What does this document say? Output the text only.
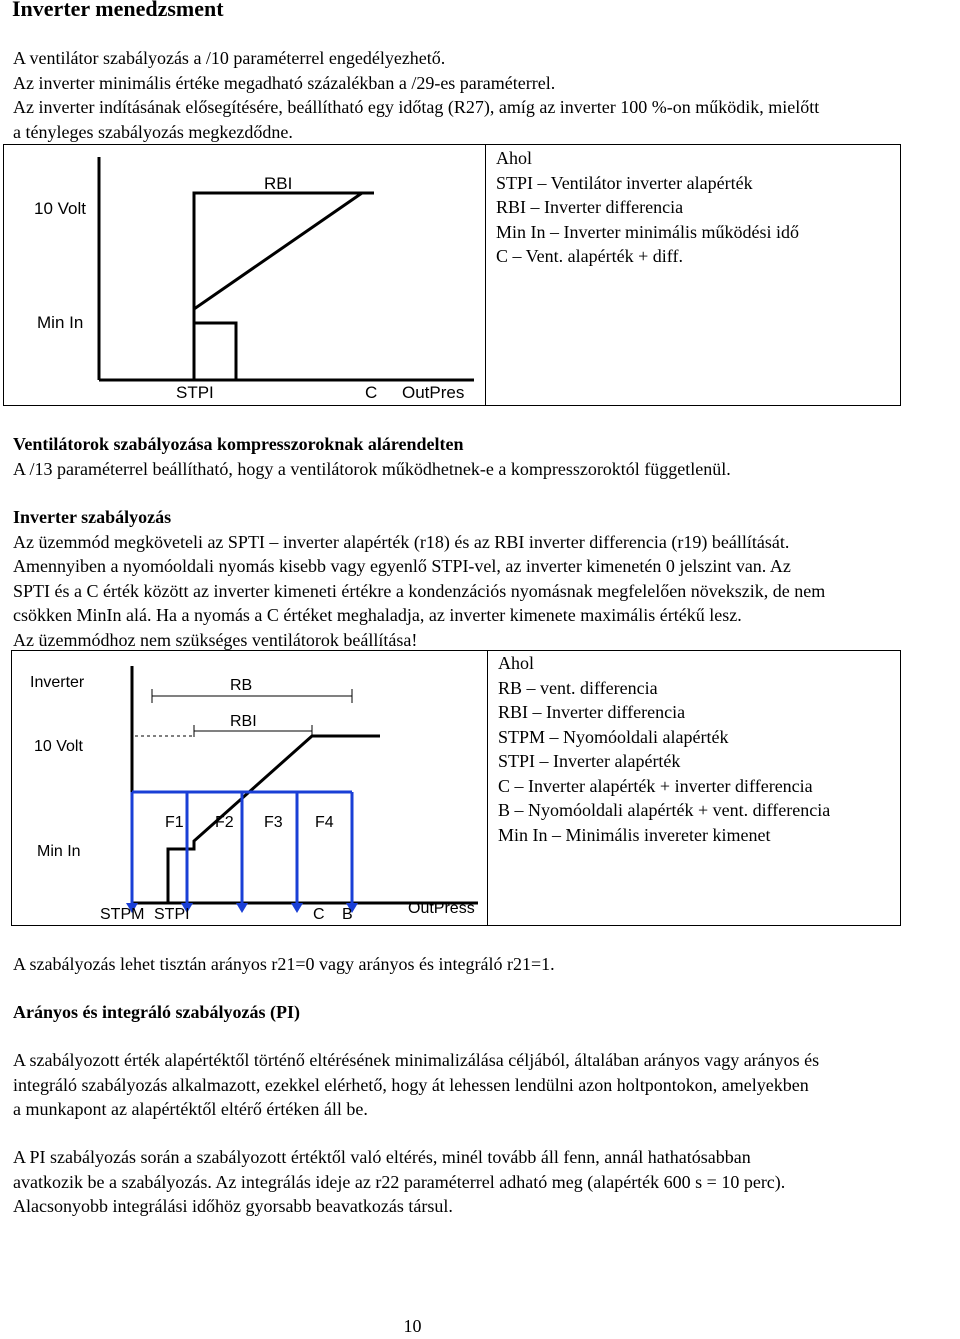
Inverter menedzsment
A ventilátor szabályozás a /10 paraméterrel engedélyezhető.
Az inverter minimális értéke megadható százalékban a /29-es paraméterrel.
Az inverter indításának elősegítésére, beállítható egy időtag (R27), amíg az inverter 100 %-on működik, mielőtt
a tényleges szabályozás megkezdődne.
10 Volt
Min In
RBI
STPI	C OutPres
Ahol
STPI – Ventilátor inverter alapérték
RBI – Inverter differencia
Min In – Inverter minimális működési idő
C – Vent. alapérték + diff.
Ventilátorok szabályozása kompresszoroknak alárendelten
A /13 paraméterrel beállítható, hogy a ventilátorok működhetnek-e a kompresszoroktól függetlenül.
Inverter szabályozás
Az üzemmód megköveteli az SPTI – inverter alapérték (r18) és az RBI inverter differencia (r19) beállítását.
Amennyiben a nyomóoldali nyomás kisebb vagy egyenlő STPI-vel, az inverter kimenetén 0 jelszint van. Az
SPTI és a C érték között az inverter kimeneti értékre a kondenzációs nyomásnak megfelelően növekszik, de nem
csökken MinIn alá. Ha a nyomás a C értéket meghaladja, az inverter kimenete maximális értékű lesz.
Az üzemmódhoz nem szükséges ventilátorok beállítása!
Inverter
10 Volt
Min In
RB
RBI
F1 F2 F3 F4
STPM STPI	C B	OutPress
Ahol
RB – vent. differencia
RBI – Inverter differencia
STPM – Nyomóoldali alapérték
STPI – Inverter alapérték
C – Inverter alapérték + inverter differencia
B – Nyomóoldali alapérték + vent. differencia
Min In – Minimális invereter kimenet
A szabályozás lehet tisztán arányos r21=0 vagy arányos és integráló r21=1.
Arányos és integráló szabályozás (PI)
A szabályozott érték alapértéktől történő eltérésének minimalizálása céljából, általában arányos vagy arányos és
integráló szabályozás alkalmazott, ezekkel elérhető, hogy át lehessen lendülni azon holtpontokon, amelyekben
a munkapont az alapértéktől eltérő értéken áll be.
A PI szabályozás során a szabályozott értéktől való eltérés, minél tovább áll fenn, annál hathatósabban
avatkozik be a szabályozás. Az integrálás ideje az r22 paraméterrel adható meg (alapérték 600 s = 10 perc).
Alacsonyobb integrálási időhöz gyorsabb beavatkozás társul.
10
